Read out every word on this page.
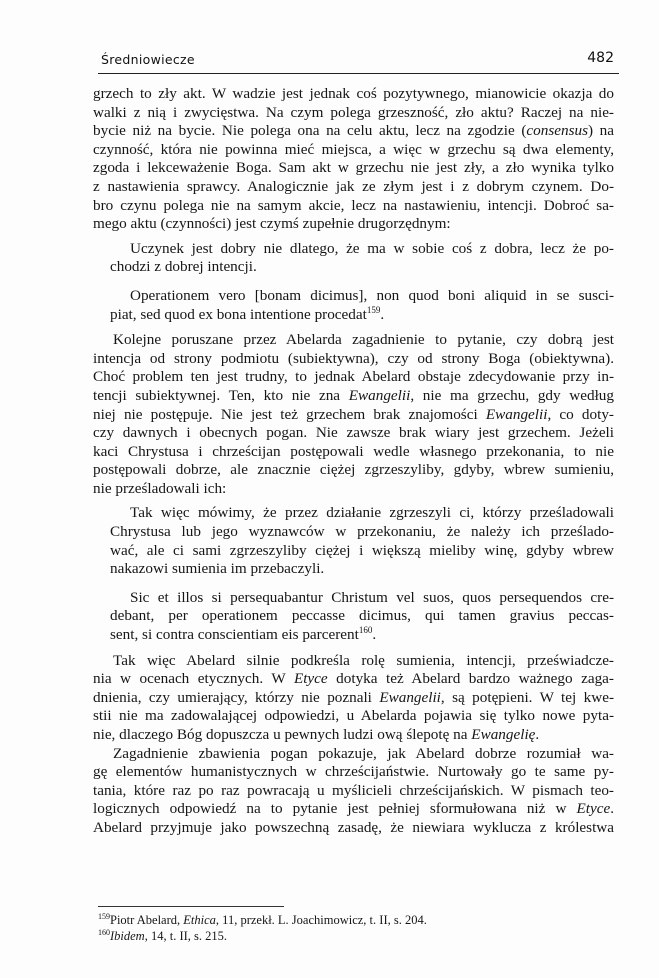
Średniowiecze	482
grzech to zły akt. W wadzie jest jednak coś pozytywnego, mianowicie okazja do
walki z nią i zwycięstwa. Na czym polega grzeszność, zło aktu? Raczej na nie-
bycie niż na bycie. Nie polega ona na celu aktu, lecz na zgodzie (consensus) na
czynność, która nie powinna mieć miejsca, a więc w grzechu są dwa elementy,
zgoda i lekceważenie Boga. Sam akt w grzechu nie jest zły, a zło wynika tylko
z nastawienia sprawcy. Analogicznie jak ze złym jest i z dobrym czynem. Do-
bro czynu polega nie na samym akcie, lecz na nastawieniu, intencji. Dobroć sa-
mego aktu (czynności) jest czymś zupełnie drugorzędnym:
Uczynek jest dobry nie dlatego, że ma w sobie coś z dobra, lecz że po-
chodzi z dobrej intencji.
Operationem vero [bonam dicimus], non quod boni aliquid in se susci-
piat, sed quod ex bona intentione procedat$^{159}$.
Kolejne poruszane przez Abelarda zagadnienie to pytanie, czy dobrą jest
intencja od strony podmiotu (subiektywna), czy od strony Boga (obiektywna).
Choć problem ten jest trudny, to jednak Abelard obstaje zdecydowanie przy in-
tencji subiektywnej. Ten, kto nie zna Ewangelii, nie ma grzechu, gdy według
niej nie postępuje. Nie jest też grzechem brak znajomości Ewangelii, co doty-
czy dawnych i obecnych pogan. Nie zawsze brak wiary jest grzechem. Jeżeli
kaci Chrystusa i chrześcijan postępowali wedle własnego przekonania, to nie
postępowali dobrze, ale znacznie ciężej zgrzeszyliby, gdyby, wbrew sumieniu,
nie prześladowali ich:
Tak więc mówimy, że przez działanie zgrzeszyli ci, którzy prześladowali
Chrystusa lub jego wyznawców w przekonaniu, że należy ich prześlado-
wać, ale ci sami zgrzeszyliby ciężej i większą mieliby winę, gdyby wbrew
nakazowi sumienia im przebaczyli.
Sic et illos si persequabantur Christum vel suos, quos persequendos cre-
debant, per operationem peccasse dicimus, qui tamen gravius peccas-
sent, si contra conscientiam eis parcerent$^{160}$.
Tak więc Abelard silnie podkreśla rolę sumienia, intencji, przeświadcze-
nia w ocenach etycznych. W Etyce dotyka też Abelard bardzo ważnego zaga-
dnienia, czy umierający, którzy nie poznali Ewangelii, są potępieni. W tej kwe-
stii nie ma zadowalającej odpowiedzi, u Abelarda pojawia się tylko nowe pyta-
nie, dlaczego Bóg dopuszcza u pewnych ludzi ową ślepotę na Ewangelię.
Zagadnienie zbawienia pogan pokazuje, jak Abelard dobrze rozumiał wa-
gę elementów humanistycznych w chrześcijaństwie. Nurtowały go te same py-
tania, które raz po raz powracają u myślicieli chrześcijańskich. W pismach teo-
logicznych odpowiedź na to pytanie jest pełniej sformułowana niż w Etyce.
Abelard przyjmuje jako powszechną zasadę, że niewiara wyklucza z królestwa
$^{159}$Piotr Abelard, Ethica, 11, przekł. L. Joachimowicz, t. II, s. 204.
$^{160}$Ibidem, 14, t. II, s. 215.
